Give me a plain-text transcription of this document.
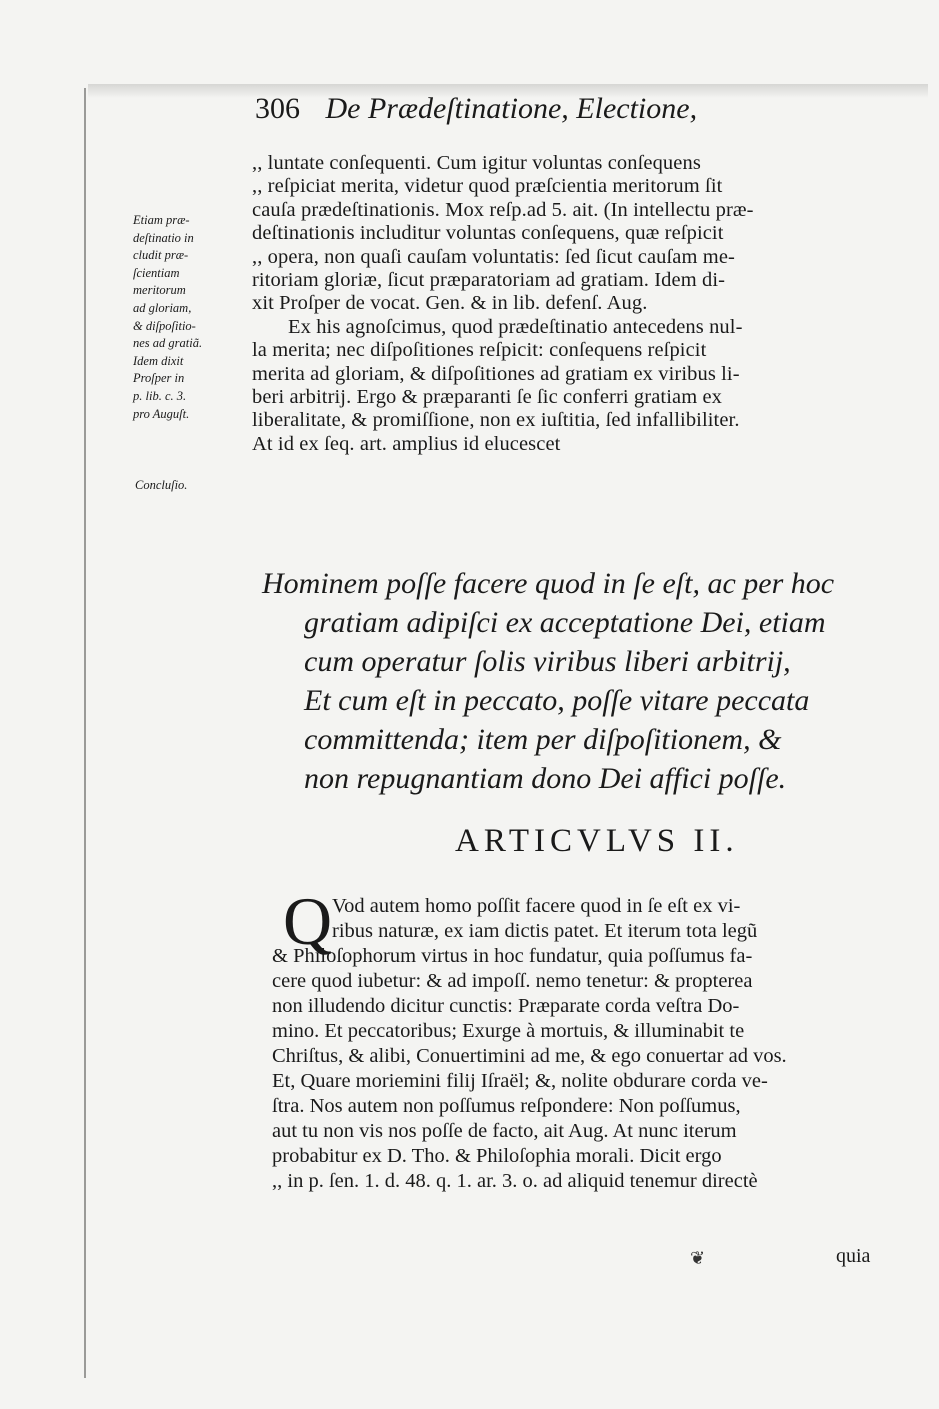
306 De Prædeſtinatione, Electione,
,, luntate conſequenti. Cum igitur voluntas conſequens
,, reſpiciat merita, videtur quod præſcientia meritorum ſit
cauſa prædeſtinationis. Mox reſp.ad 5. ait. (In intellectu præ-
deſtinationis includitur voluntas conſequens, quæ reſpicit
,, opera, non quaſi cauſam voluntatis: ſed ſicut cauſam me-
ritoriam gloriæ, ſicut præparatoriam ad gratiam. Idem di-
xit Proſper de vocat. Gen. & in lib. defenſ. Aug.
Ex his agnoſcimus, quod prædeſtinatio antecedens nul-
la merita; nec diſpoſitiones reſpicit: conſequens reſpicit
merita ad gloriam, & diſpoſitiones ad gratiam ex viribus li-
beri arbitrij. Ergo & præparanti ſe ſic conferri gratiam ex
liberalitate, & promiſſione, non ex iuſtitia, ſed infallibiliter.
At id ex ſeq. art. amplius id elucescet
Etiam præ-
deſtinatio in
cludit præ-
ſcientiam
meritorum
ad gloriam,
& diſpoſitio-
nes ad gratiã.
Idem dixit
Proſper in
p. lib. c. 3.
pro Auguſt.
Concluſio.
Hominem poſſe facere quod in ſe eſt, ac per hoc
gratiam adipiſci ex acceptatione Dei, etiam
cum operatur ſolis viribus liberi arbitrij,
Et cum eſt in peccato, poſſe vitare peccata
committenda; item per diſpoſitionem, &
non repugnantiam dono Dei affici poſſe.
ARTICVLVS II.
Q Vod autem homo poſſit facere quod in ſe eſt ex vi-
ribus naturæ, ex iam dictis patet. Et iterum tota legũ
& Philoſophorum virtus in hoc fundatur, quia poſſumus fa-
cere quod iubetur: & ad impoſſ. nemo tenetur: & propterea
non illudendo dicitur cunctis: Præparate corda veſtra Do-
mino. Et peccatoribus; Exurge à mortuis, & illuminabit te
Chriſtus, & alibi, Conuertimini ad me, & ego conuertar ad vos.
Et, Quare moriemini filij Iſraël; &, nolite obdurare corda ve-
ſtra. Nos autem non poſſumus reſpondere: Non poſſumus,
aut tu non vis nos poſſe de facto, ait Aug. At nunc iterum
probabitur ex D. Tho. & Philoſophia morali. Dicit ergo
,, in p. ſen. 1. d. 48. q. 1. ar. 3. o. ad aliquid tenemur directè
❦	quia
